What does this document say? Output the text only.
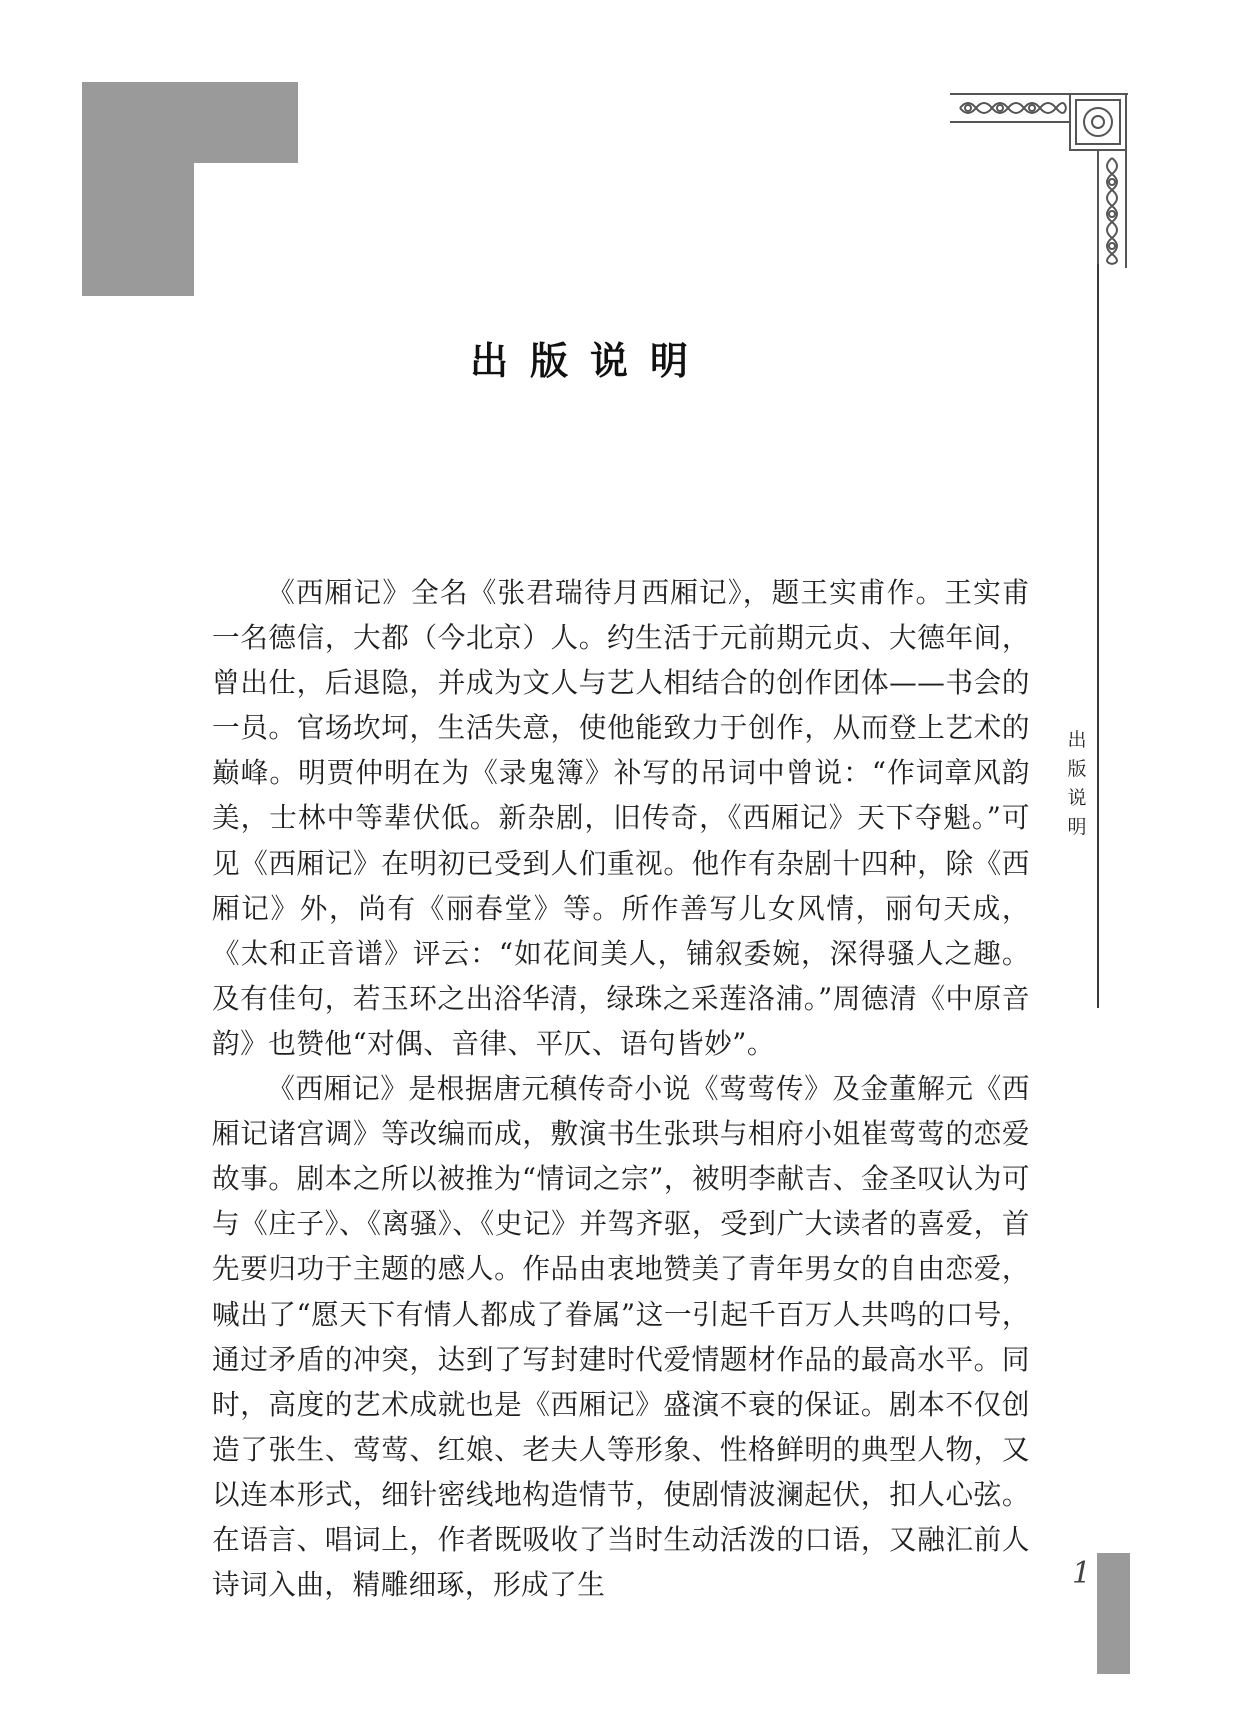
出版说明
出版说明

《西厢记》全名《张君瑞待月西厢记》，题王实甫作。王实甫一名德信，大都（今北京）人。约生活于元前期元贞、大德年间，曾出仕，后退隐，并成为文人与艺人相结合的创作团体——书会的一员。官场坎坷，生活失意，使他能致力于创作，从而登上艺术的巅峰。明贾仲明在为《录鬼簿》补写的吊词中曾说：“作词章风韵美，士林中等辈伏低。新杂剧，旧传奇，《西厢记》天下夺魁。”可见《西厢记》在明初已受到人们重视。他作有杂剧十四种，除《西厢记》外，尚有《丽春堂》等。所作善写儿女风情，丽句天成，《太和正音谱》评云：“如花间美人，铺叙委婉，深得骚人之趣。及有佳句，若玉环之出浴华清，绿珠之采莲洛浦。”周德清《中原音韵》也赞他“对偶、音律、平仄、语句皆妙”。

《西厢记》是根据唐元稹传奇小说《莺莺传》及金董解元《西厢记诸宫调》等改编而成，敷演书生张珙与相府小姐崔莺莺的恋爱故事。剧本之所以被推为“情词之宗”，被明李献吉、金圣叹认为可与《庄子》、《离骚》、《史记》并驾齐驱，受到广大读者的喜爱，首先要归功于主题的感人。作品由衷地赞美了青年男女的自由恋爱，喊出了“愿天下有情人都成了眷属”这一引起千百万人共鸣的口号，通过矛盾的冲突，达到了写封建时代爱情题材作品的最高水平。同时，高度的艺术成就也是《西厢记》盛演不衰的保证。剧本不仅创造了张生、莺莺、红娘、老夫人等形象、性格鲜明的典型人物，又以连本形式，细针密线地构造情节，使剧情波澜起伏，扣人心弦。在语言、唱词上，作者既吸收了当时生动活泼的口语，又融汇前人诗词入曲，精雕细琢，形成了生	1
